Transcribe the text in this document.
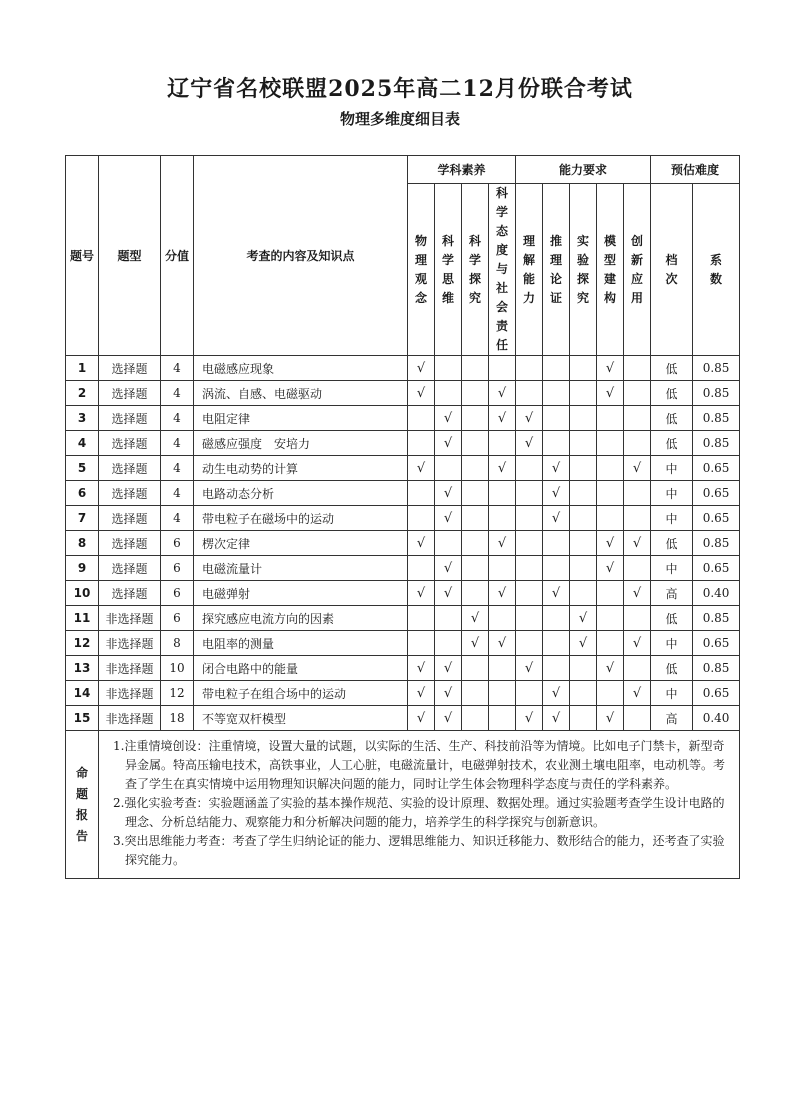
辽宁省名校联盟2025年高二12月份联合考试
物理多维度细目表
题号	题型	分值	考查的内容及知识点	学科素养				能力要求					预估难度	

				物理观念	科学思维	科学探究	科学态度与社会责任	理解能力	推理论证	实验探究	模型建构	创新应用	档次	系数

1	选择题	4	电磁感应现象	√							√		低	0.85
2	选择题	4	涡流、自感、电磁驱动	√			√				√		低	0.85
3	选择题	4	电阻定律		√		√	√					低	0.85
4	选择题	4	磁感应强度　安培力		√			√					低	0.85
5	选择题	4	动生电动势的计算	√			√		√			√	中	0.65
6	选择题	4	电路动态分析		√				√				中	0.65
7	选择题	4	带电粒子在磁场中的运动		√				√				中	0.65
8	选择题	6	楞次定律	√			√				√	√	低	0.85
9	选择题	6	电磁流量计		√						√		中	0.65
10	选择题	6	电磁弹射	√	√		√		√			√	高	0.40
11	非选择题	6	探究感应电流方向的因素			√				√			低	0.85
12	非选择题	8	电阻率的测量			√	√			√		√	中	0.65
13	非选择题	10	闭合电路中的能量	√	√			√			√		低	0.85
14	非选择题	12	带电粒子在组合场中的运动	√	√				√			√	中	0.65
15	非选择题	18	不等宽双杆模型	√	√			√	√		√		高	0.40

命题报告	1.注重情境创设：注重情境，设置大量的试题，以实际的生活、生产、科技前沿等为情境。比如电子门禁卡，新型奇异金属。特高压输电技术，高铁事业，人工心脏，电磁流量计，电磁弹射技术，农业测土壤电阻率，电动机等。考查了学生在真实情境中运用物理知识解决问题的能力，同时让学生体会物理科学态度与责任的学科素养。

2.强化实验考查：实验题涵盖了实验的基本操作规范、实验的设计原理、数据处理。通过实验题考查学生设计电路的理念、分析总结能力、观察能力和分析解决问题的能力，培养学生的科学探究与创新意识。

3.突出思维能力考查：考查了学生归纳论证的能力、逻辑思维能力、知识迁移能力、数形结合的能力，还考查了实验探究能力。													
